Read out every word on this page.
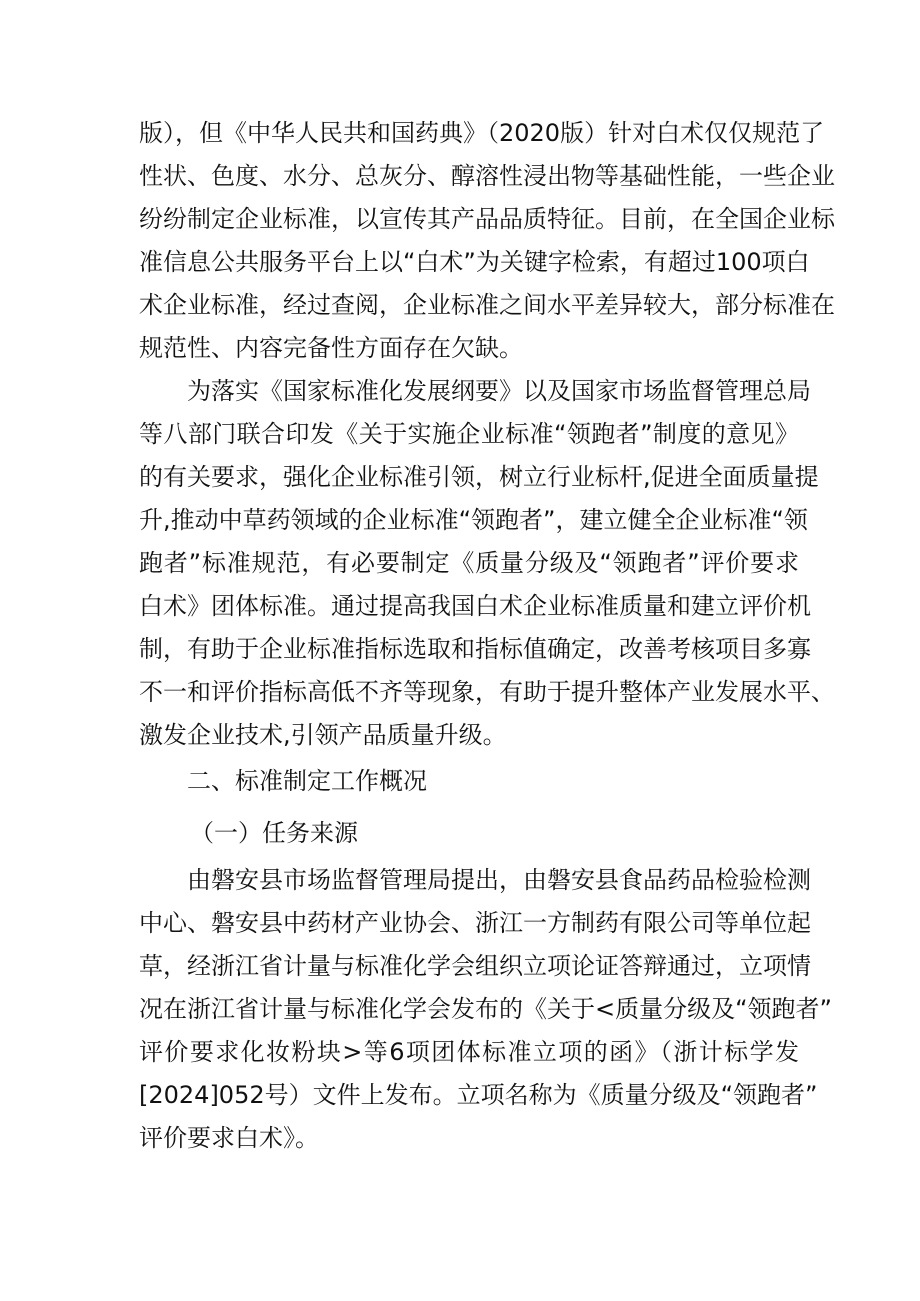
版），但《中华人民共和国药典》（2020版）针对白术仅仅规范了
性状、色度、水分、总灰分、醇溶性浸出物等基础性能，一些企业
纷纷制定企业标准，以宣传其产品品质特征。目前，在全国企业标
准信息公共服务平台上以“白术”为关键字检索，有超过100项白
术企业标准，经过查阅，企业标准之间水平差异较大，部分标准在
规范性、内容完备性方面存在欠缺。
为落实《国家标准化发展纲要》以及国家市场监督管理总局
等八部门联合印发《关于实施企业标准“领跑者”制度的意见》
的有关要求，强化企业标准引领，树立行业标杆,促进全面质量提
升,推动中草药领域的企业标准“领跑者”，建立健全企业标准“领
跑者”标准规范，有必要制定《质量分级及“领跑者”评价要求
白术》团体标准。通过提高我国白术企业标准质量和建立评价机
制，有助于企业标准指标选取和指标值确定，改善考核项目多寡
不一和评价指标高低不齐等现象，有助于提升整体产业发展水平、
激发企业技术,引领产品质量升级。
二、标准制定工作概况
（一）任务来源
由磐安县市场监督管理局提出，由磐安县食品药品检验检测
中心、磐安县中药材产业协会、浙江一方制药有限公司等单位起
草，经浙江省计量与标准化学会组织立项论证答辩通过，立项情
况在浙江省计量与标准化学会发布的《关于<质量分级及“领跑者”
评价要求化妆粉块>等6项团体标准立项的函》（浙计标学发
[2024]052号）文件上发布。立项名称为《质量分级及“领跑者”
评价要求白术》。
